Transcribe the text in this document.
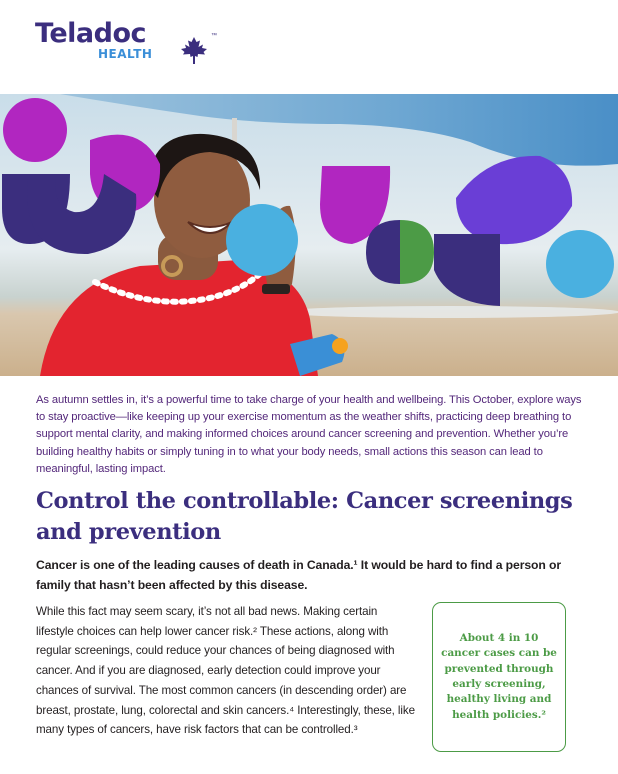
Teladoc
HEALTH
™

As autumn settles in, it’s a powerful time to take charge of your health and wellbeing. This October, explore ways to stay proactive—like keeping up your exercise momentum as the weather shifts, practicing deep breathing to support mental clarity, and making informed choices around cancer screening and prevention. Whether you’re building healthy habits or simply tuning in to what your body needs, small actions this season can lead to meaningful, lasting impact.

Control the controllable: Cancer screenings and prevention

Cancer is one of the leading causes of death in Canada.¹ It would be hard to find a person or family that hasn’t been affected by this disease.

While this fact may seem scary, it’s not all bad news. Making certain lifestyle choices can help lower cancer risk.² These actions, along with regular screenings, could reduce your chances of being diagnosed with cancer. And if you are diagnosed, early detection could improve your chances of survival. The most common cancers (in descending order) are breast, prostate, lung, colorectal and skin cancers.⁴ Interestingly, these, like many types of cancers, have risk factors that can be controlled.³

About 4 in 10 cancer cases can be prevented through early screening, healthy living and health policies.²
